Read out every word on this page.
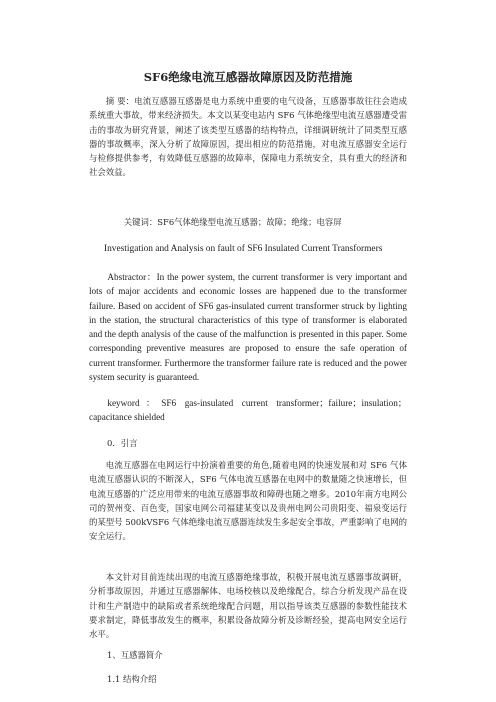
SF6绝缘电流互感器故障原因及防范措施
摘 要：电流互感器互感器是电力系统中重要的电气设备，互感器事故往往会造成系统重大事故，带来经济损失。本文以某变电站内 SF6 气体绝缘型电流互感器遭受雷击的事故为研究背景，阐述了该类型互感器的结构特点，详细调研统计了同类型互感器的事故概率，深入分析了故障原因，提出相应的防范措施，对电流互感器安全运行与检修提供参考，有效降低互感器的故障率，保障电力系统安全，具有重大的经济和社会效益。
关键词：SF6气体绝缘型电流互感器；故障；绝缘；电容屏
Investigation and Analysis on fault of SF6 Insulated Current Transformers
Abstractor：In the power system, the current transformer is very important and lots of major accidents and economic losses are happened due to the transformer failure. Based on accident of SF6 gas-insulated current transformer struck by lighting in the station, the structural characteristics of this type of transformer is elaborated and the depth analysis of the cause of the malfunction is presented in this paper. Some corresponding preventive measures are proposed to ensure the safe operation of current transformer. Furthermore the transformer failure rate is reduced and the power system security is guaranteed.
keyword：SF6 gas-insulated current transformer；failure；insulation；capacitance shielded
0．引言
电流互感器在电网运行中扮演着重要的角色,随着电网的快速发展和对 SF6 气体电流互感器认识的不断深入，SF6 气体电流互感器在电网中的数量随之快速增长，但电流互感器的广泛应用带来的电流互感器事故和障碍也随之增多。2010年南方电网公司的贺州变、百色变，国家电网公司福建某变以及贵州电网公司贵阳变、福泉变运行的某型号 500kVSF6 气体绝缘电流互感器连续发生多起安全事故，严重影响了电网的安全运行。
本文针对目前连续出现的电流互感器绝缘事故，积极开展电流互感器事故调研，分析事故原因，并通过互感器解体、电场校核以及绝缘配合，综合分析发现产品在设计和生产制造中的缺陷或者系统绝缘配合问题，用以指导该类互感器的参数性能技术要求制定，降低事故发生的概率，积累设备故障分析及诊断经验，提高电网安全运行水平。
1、互感器简介
1.1 结构介绍
